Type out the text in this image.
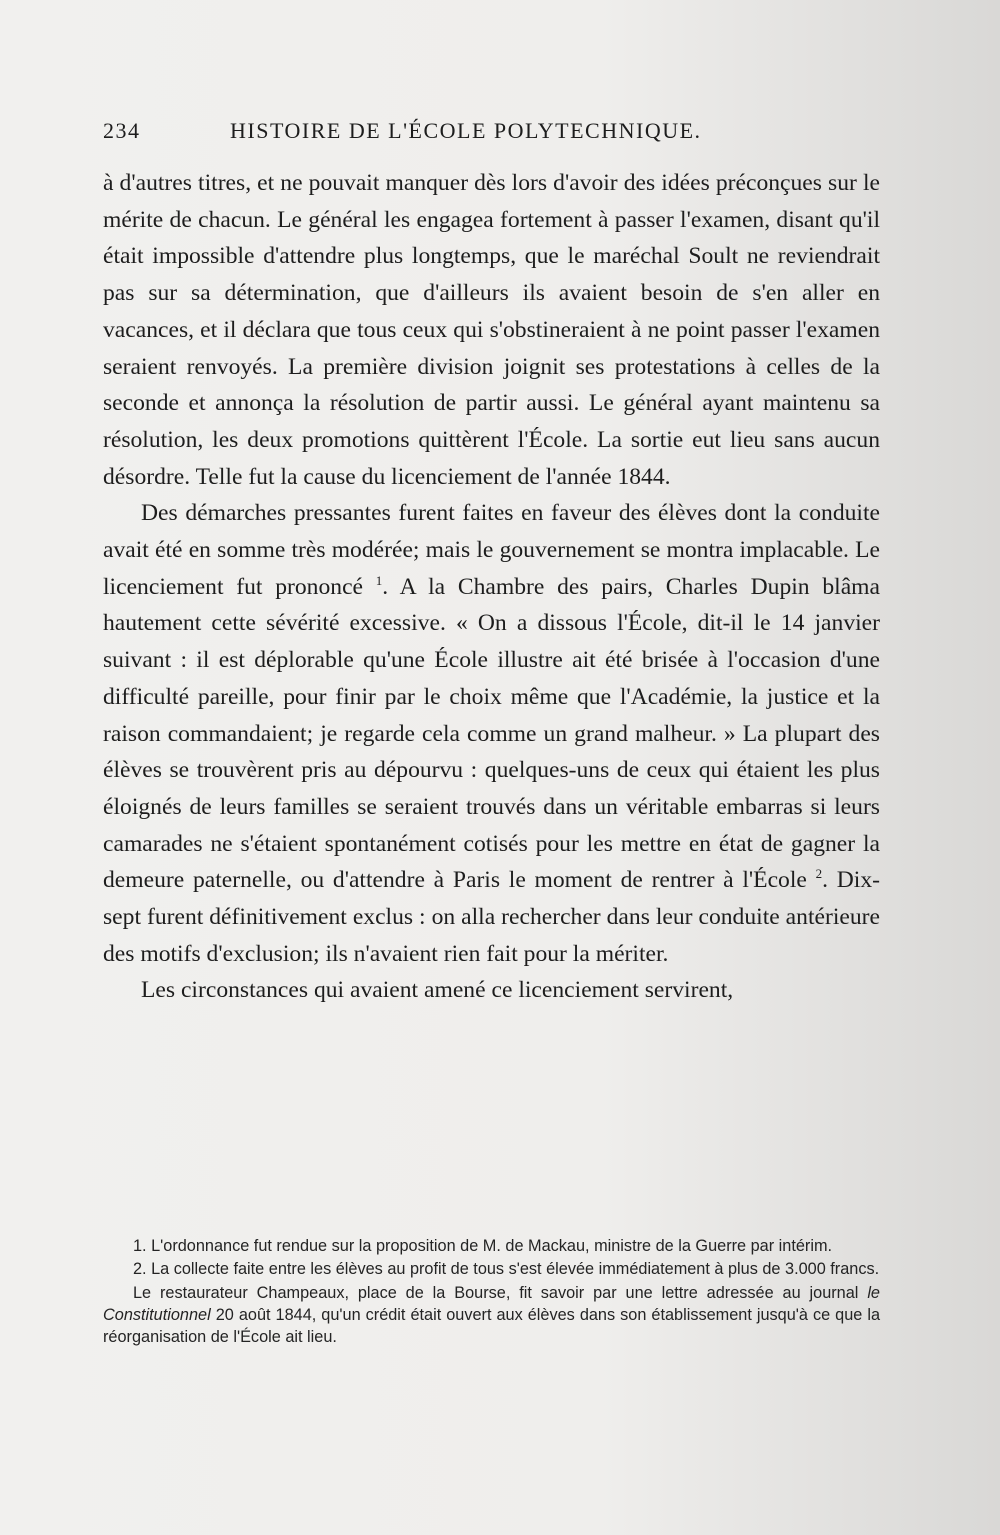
234	HISTOIRE DE L'ÉCOLE POLYTECHNIQUE.

à d'autres titres, et ne pouvait manquer dès lors d'avoir des idées préconçues sur le mérite de chacun. Le général les engagea fortement à passer l'examen, disant qu'il était impossible d'attendre plus longtemps, que le maréchal Soult ne reviendrait pas sur sa détermination, que d'ailleurs ils avaient besoin de s'en aller en vacances, et il déclara que tous ceux qui s'obstineraient à ne point passer l'examen seraient renvoyés. La première division joignit ses protestations à celles de la seconde et annonça la résolution de partir aussi. Le général ayant maintenu sa résolution, les deux promotions quittèrent l'École. La sortie eut lieu sans aucun désordre. Telle fut la cause du licenciement de l'année 1844.

Des démarches pressantes furent faites en faveur des élèves dont la conduite avait été en somme très modérée; mais le gouvernement se montra implacable. Le licenciement fut prononcé $^1$. A la Chambre des pairs, Charles Dupin blâma hautement cette sévérité excessive. « On a dissous l'École, dit-il le 14 janvier suivant : il est déplorable qu'une École illustre ait été brisée à l'occasion d'une difficulté pareille, pour finir par le choix même que l'Académie, la justice et la raison commandaient; je regarde cela comme un grand malheur. » La plupart des élèves se trouvèrent pris au dépourvu : quelques-uns de ceux qui étaient les plus éloignés de leurs familles se seraient trouvés dans un véritable embarras si leurs camarades ne s'étaient spontanément cotisés pour les mettre en état de gagner la demeure paternelle, ou d'attendre à Paris le moment de rentrer à l'École $^2$. Dix-sept furent définitivement exclus : on alla rechercher dans leur conduite antérieure des motifs d'exclusion; ils n'avaient rien fait pour la mériter.

Les circonstances qui avaient amené ce licenciement servirent,

1. L'ordonnance fut rendue sur la proposition de M. de Mackau, ministre de la Guerre par intérim.

2. La collecte faite entre les élèves au profit de tous s'est élevée immédiatement à plus de 3.000 francs.

Le restaurateur Champeaux, place de la Bourse, fit savoir par une lettre adressée au journal le Constitutionnel 20 août 1844, qu'un crédit était ouvert aux élèves dans son établissement jusqu'à ce que la réorganisation de l'École ait lieu.
